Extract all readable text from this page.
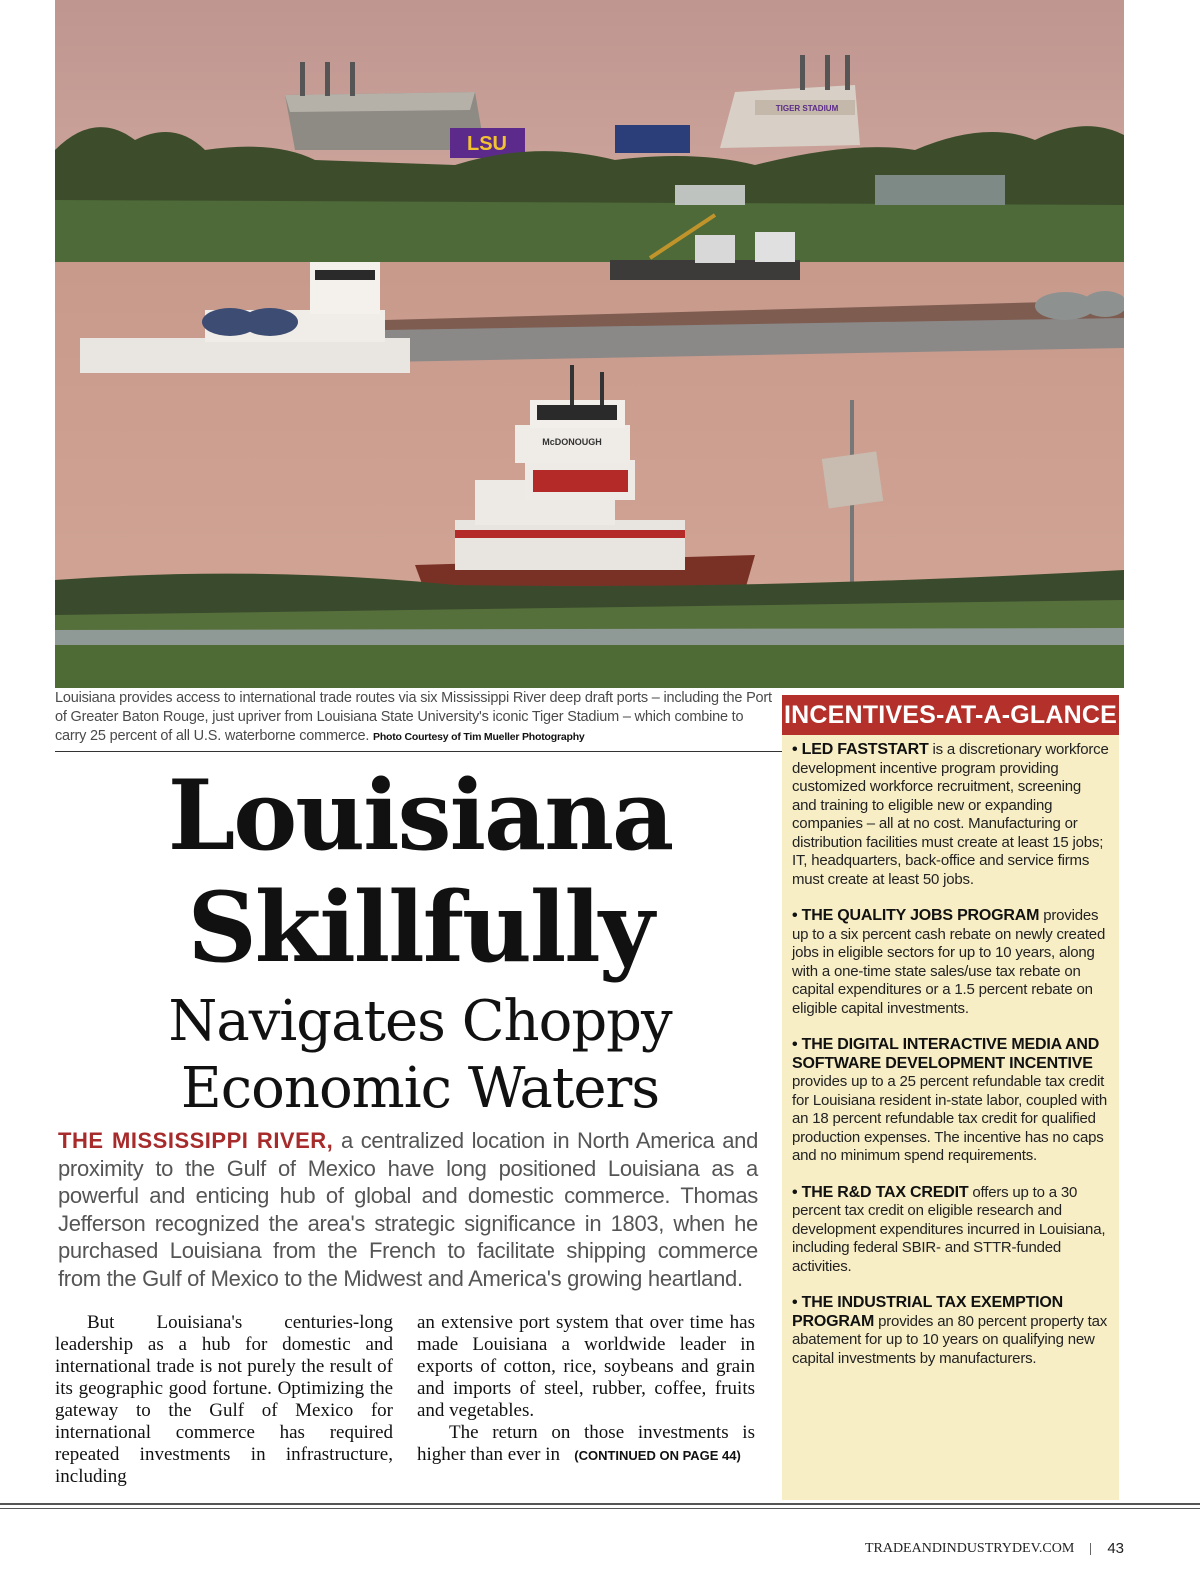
LSU
TIGER STADIUM
McDONOUGH
Louisiana provides access to international trade routes via six Mississippi River deep draft ports – including the Port of Greater Baton Rouge, just upriver from Louisiana State University's iconic Tiger Stadium – which combine to carry 25 percent of all U.S. waterborne commerce. Photo Courtesy of Tim Mueller Photography
Louisiana
Skillfully
Navigates Choppy
Economic Waters
THE MISSISSIPPI RIVER, a centralized location in North America and proximity to the Gulf of Mexico have long positioned Louisiana as a powerful and enticing hub of global and domestic commerce. Thomas Jefferson recognized the area's strategic significance in 1803, when he purchased Louisiana from the French to facilitate shipping commerce from the Gulf of Mexico to the Midwest and America's growing heartland.

But Louisiana's centuries-long leadership as a hub for domestic and international trade is not purely the result of its geographic good fortune. Optimizing the gateway to the Gulf of Mexico for international commerce has required repeated investments in infrastructure, including

an extensive port system that over time has made Louisiana a worldwide leader in exports of cotton, rice, soybeans and grain and imports of steel, rubber, coffee, fruits and vegetables.

The return on those investments is higher than ever in (CONTINUED ON PAGE 44)

INCENTIVES-AT-A-GLANCE
• LED FASTSTART is a discretionary workforce development incentive program providing customized workforce recruitment, screening and training to eligible new or expanding companies – all at no cost. Manufacturing or distribution facilities must create at least 15 jobs; IT, headquarters, back-office and service firms must create at least 50 jobs.
• THE QUALITY JOBS PROGRAM provides up to a six percent cash rebate on newly created jobs in eligible sectors for up to 10 years, along with a one-time state sales/use tax rebate on capital expenditures or a 1.5 percent rebate on eligible capital investments.
• THE DIGITAL INTERACTIVE MEDIA AND SOFTWARE DEVELOPMENT INCENTIVE provides up to a 25 percent refundable tax credit for Louisiana resident in-state labor, coupled with an 18 percent refundable tax credit for qualified production expenses. The incentive has no caps and no minimum spend requirements.
• THE R&D TAX CREDIT offers up to a 30 percent tax credit on eligible research and development expenditures incurred in Louisiana, including federal SBIR- and STTR-funded activities.
• THE INDUSTRIAL TAX EXEMPTION PROGRAM provides an 80 percent property tax abatement for up to 10 years on qualifying new capital investments by manufacturers.
TRADEANDINDUSTRYDEV.COM 43
